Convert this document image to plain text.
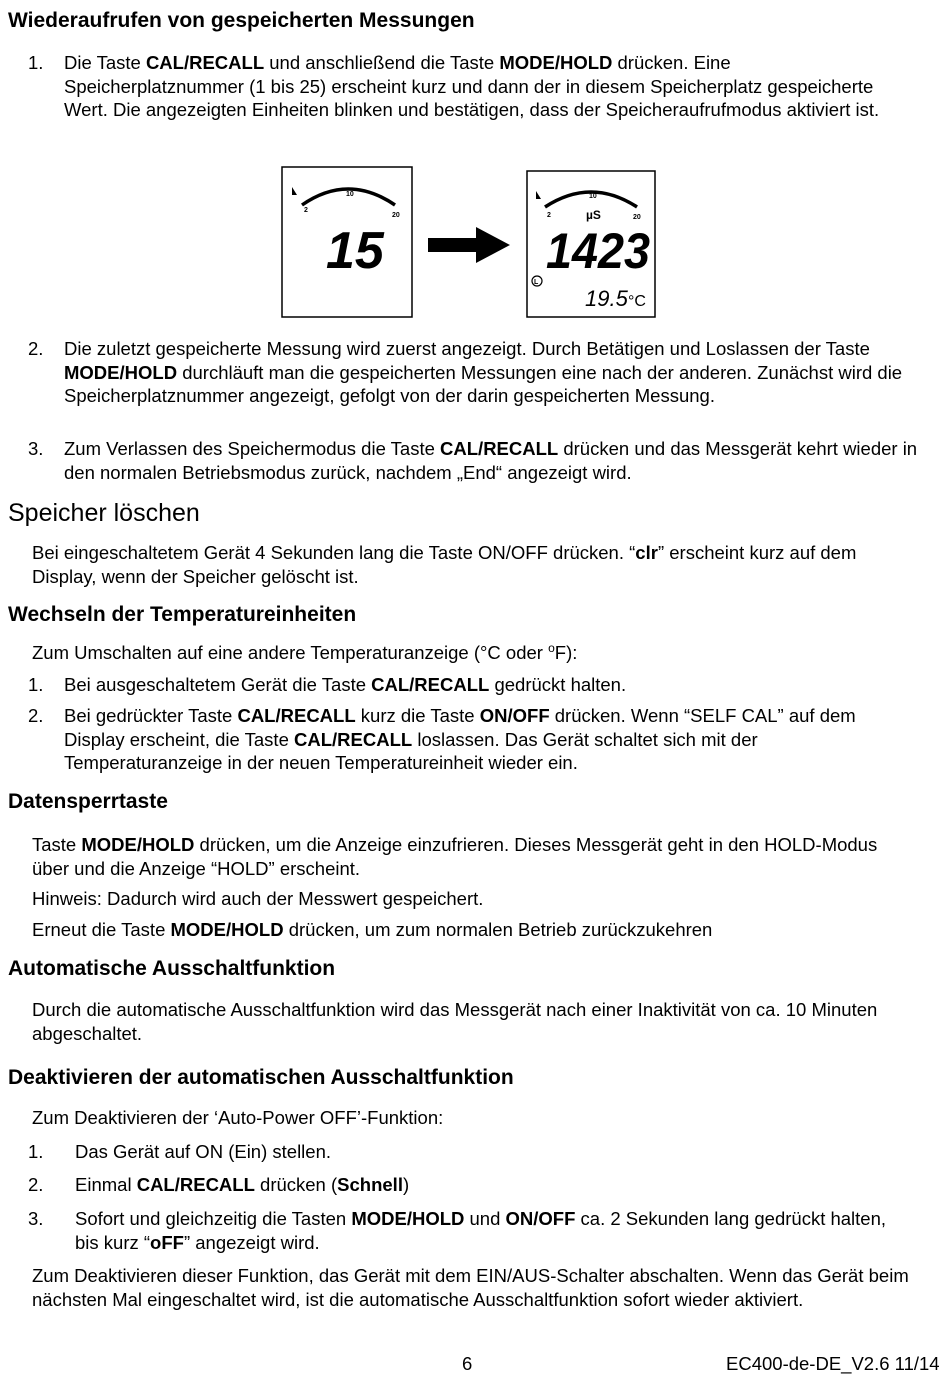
Wiederaufrufen von gespeicherten Messungen
1.	Die Taste CAL/RECALL und anschließend die Taste MODE/HOLD drücken. Eine Speicherplatznummer (1 bis 25) erscheint kurz und dann der in diesem Speicherplatz gespeicherte Wert. Die angezeigten Einheiten blinken und bestätigen, dass der Speicheraufrufmodus aktiviert ist.
2
10
20
15
2
10
20
µS
1423
L
19.5 °C
2.	Die zuletzt gespeicherte Messung wird zuerst angezeigt. Durch Betätigen und Loslassen der Taste MODE/HOLD durchläuft man die gespeicherten Messungen eine nach der anderen. Zunächst wird die Speicherplatznummer angezeigt, gefolgt von der darin gespeicherten Messung.
3.	Zum Verlassen des Speichermodus die Taste CAL/RECALL drücken und das Messgerät kehrt wieder in den normalen Betriebsmodus zurück, nachdem „End“ angezeigt wird.
Speicher löschen
Bei eingeschaltetem Gerät 4 Sekunden lang die Taste ON/OFF drücken. “clr” erscheint kurz auf dem Display, wenn der Speicher gelöscht ist.
Wechseln der Temperatureinheiten
Zum Umschalten auf eine andere Temperaturanzeige (°C oder $^o$F):
1.	Bei ausgeschaltetem Gerät die Taste CAL/RECALL gedrückt halten.
2.	Bei gedrückter Taste CAL/RECALL kurz die Taste ON/OFF drücken. Wenn “SELF CAL” auf dem Display erscheint, die Taste CAL/RECALL loslassen. Das Gerät schaltet sich mit der Temperaturanzeige in der neuen Temperatureinheit wieder ein.
Datensperrtaste
Taste MODE/HOLD drücken, um die Anzeige einzufrieren. Dieses Messgerät geht in den HOLD-Modus über und die Anzeige “HOLD” erscheint.
Hinweis: Dadurch wird auch der Messwert gespeichert.
Erneut die Taste MODE/HOLD drücken, um zum normalen Betrieb zurückzukehren
Automatische Ausschaltfunktion
Durch die automatische Ausschaltfunktion wird das Messgerät nach einer Inaktivität von ca. 10 Minuten abgeschaltet.
Deaktivieren der automatischen Ausschaltfunktion
Zum Deaktivieren der ‘Auto-Power OFF’-Funktion:
1.	Das Gerät auf ON (Ein) stellen.
2.	Einmal CAL/RECALL drücken (Schnell)
3.	Sofort und gleichzeitig die Tasten MODE/HOLD und ON/OFF ca. 2 Sekunden lang gedrückt halten, bis kurz “oFF” angezeigt wird.
Zum Deaktivieren dieser Funktion, das Gerät mit dem EIN/AUS-Schalter abschalten. Wenn das Gerät beim nächsten Mal eingeschaltet wird, ist die automatische Ausschaltfunktion sofort wieder aktiviert.
6	EC400-de-DE_V2.6 11/14
